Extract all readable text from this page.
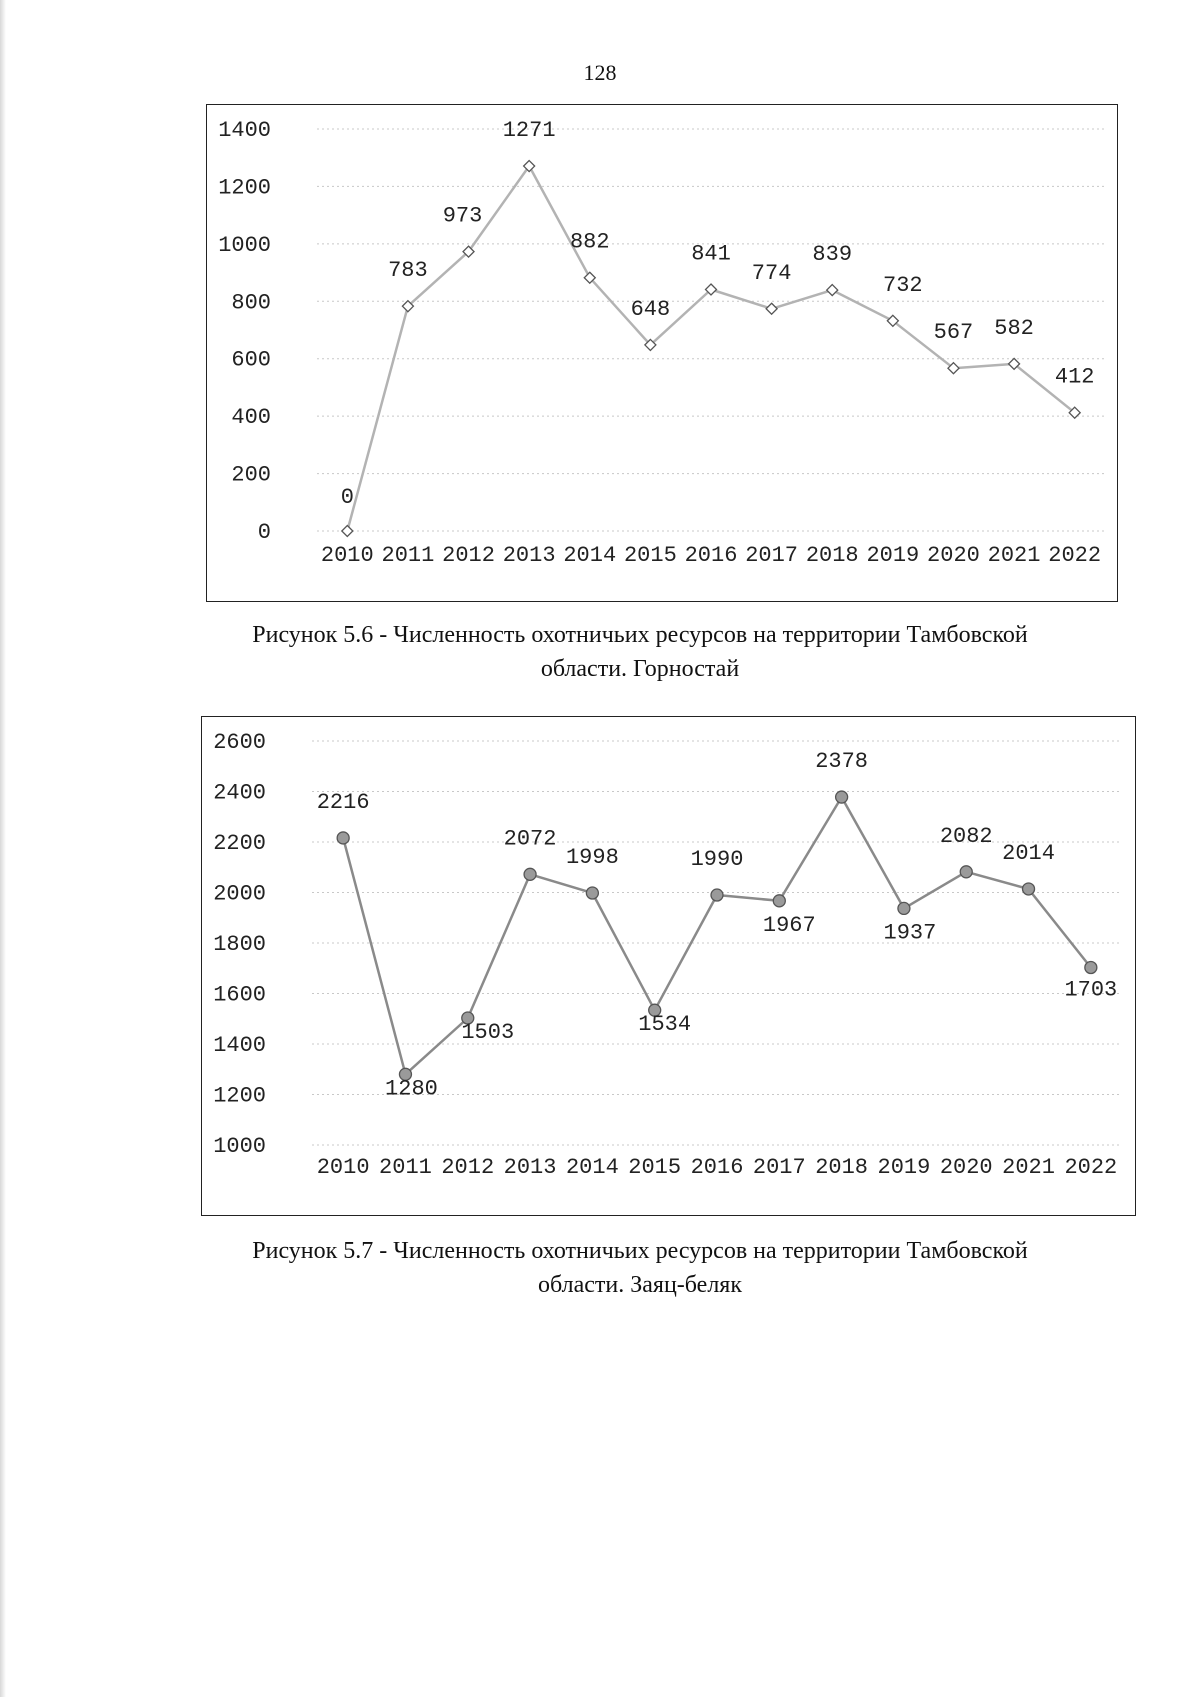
128
0
200
400
600
800
1000
1200
1400
2010 2011 2012 2013 2014 2015 2016 2017 2018 2019 2020 2021 2022
0
783
973
1271
882
648
841
774
839
732
567 582
412
Рисунок 5.6 - Численность охотничьих ресурсов на территории Тамбовской
области. Горностай
1000
1200
1400
1600
1800
2000
2200
2400
2600
2010 2011 2012 2013 2014 2015 2016 2017 2018 2019 2020 2021 2022
2216
1280
1503
2072
1998
1534
1990
1967
2378
1937
2082
2014
1703
Рисунок 5.7 - Численность охотничьих ресурсов на территории Тамбовской
области. Заяц-беляк
